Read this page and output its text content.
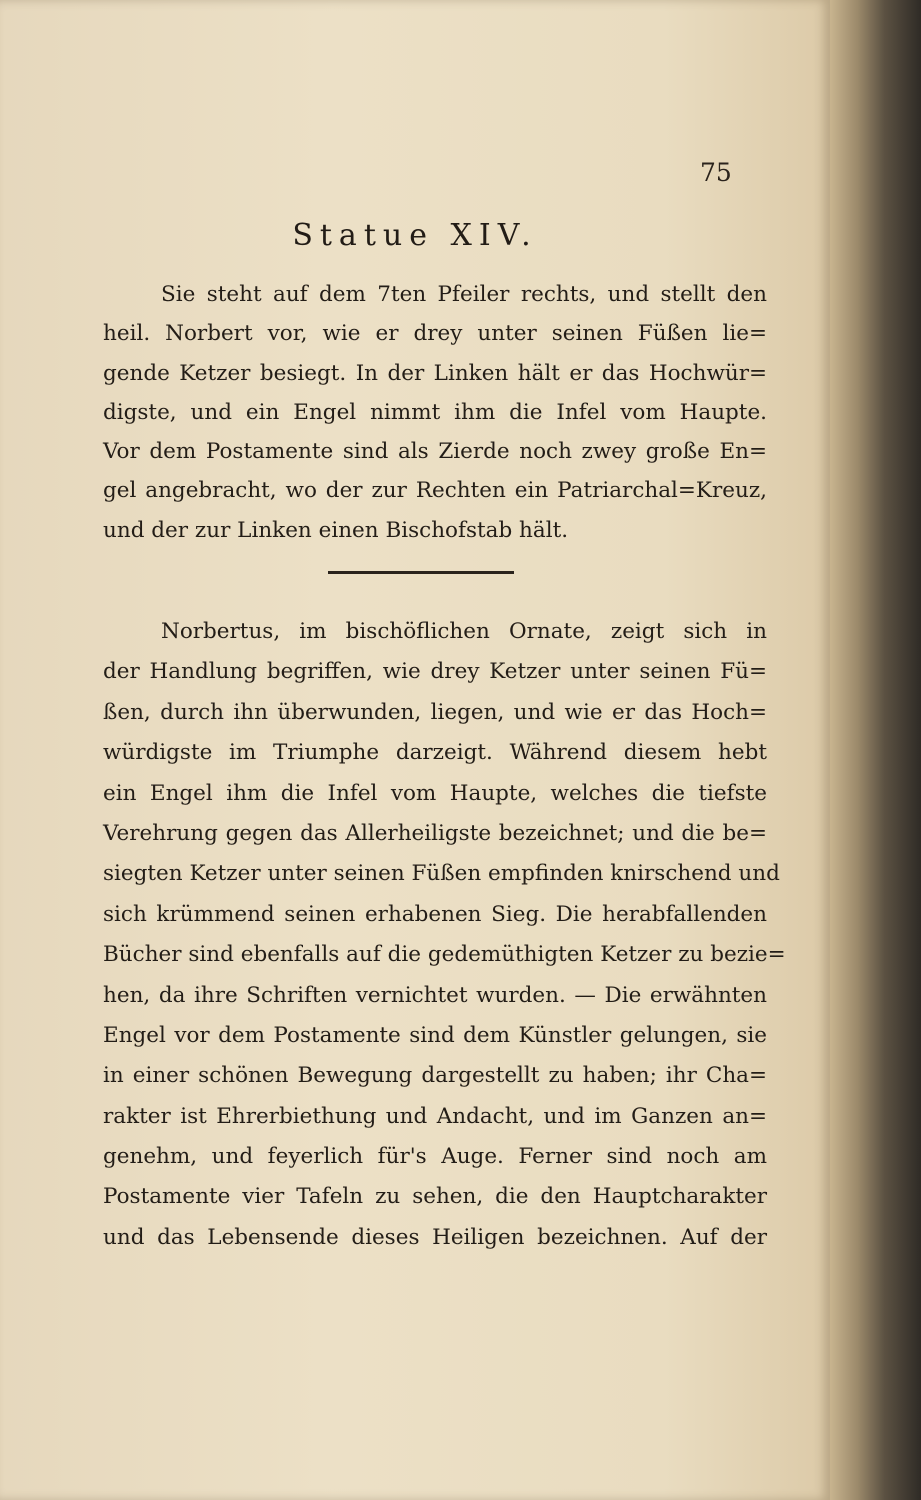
75
Statue XIV.
Sie steht auf dem 7ten Pfeiler rechts, und stellt den
heil. Norbert vor, wie er drey unter seinen Füßen lie=
gende Ketzer besiegt. In der Linken hält er das Hochwür=
digste, und ein Engel nimmt ihm die Infel vom Haupte.
Vor dem Postamente sind als Zierde noch zwey große En=
gel angebracht, wo der zur Rechten ein Patriarchal=Kreuz,
und der zur Linken einen Bischofstab hält.
Norbertus, im bischöflichen Ornate, zeigt sich in
der Handlung begriffen, wie drey Ketzer unter seinen Fü=
ßen, durch ihn überwunden, liegen, und wie er das Hoch=
würdigste im Triumphe darzeigt. Während diesem hebt
ein Engel ihm die Infel vom Haupte, welches die tiefste
Verehrung gegen das Allerheiligste bezeichnet; und die be=
siegten Ketzer unter seinen Füßen empfinden knirschend und
sich krümmend seinen erhabenen Sieg. Die herabfallenden
Bücher sind ebenfalls auf die gedemüthigten Ketzer zu bezie=
hen, da ihre Schriften vernichtet wurden. — Die erwähnten
Engel vor dem Postamente sind dem Künstler gelungen, sie
in einer schönen Bewegung dargestellt zu haben; ihr Cha=
rakter ist Ehrerbiethung und Andacht, und im Ganzen an=
genehm, und feyerlich für's Auge. Ferner sind noch am
Postamente vier Tafeln zu sehen, die den Hauptcharakter
und das Lebensende dieses Heiligen bezeichnen. Auf der
